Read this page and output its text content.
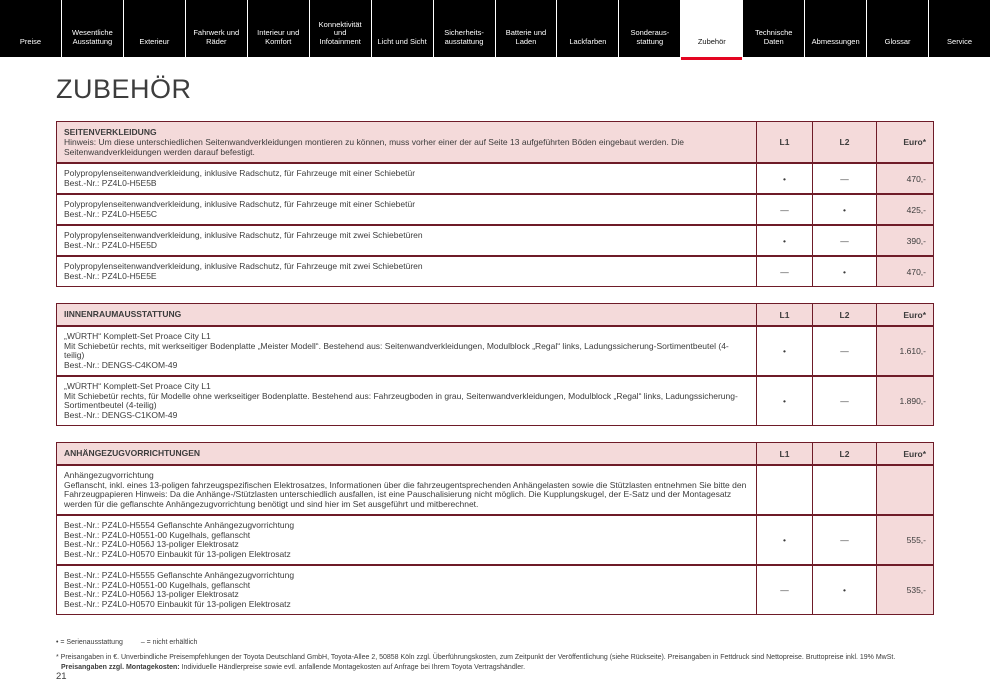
Preise
Wesentliche Ausstattung	Exterieur
Fahrwerk und Räder
Interieur und Komfort
Konnektivität und Infotainment	Licht und Sicht
Sicherheits-ausstattung
Batterie und Laden	Lackfarben
Sonderaus-stattung	Zubehör
Technische Daten	Abmessungen	Glossar	Service
ZUBEHÖR
SEITENVERKLEIDUNG
Hinweis: Um diese unterschiedlichen Seitenwandverkleidungen montieren zu können, muss vorher einer der auf Seite 13 aufgeführten Böden eingebaut werden. Die Seitenwandverkleidungen werden darauf befestigt.
L1	L2	Euro*
Polypropylenseitenwandverkleidung, inklusive Radschutz, für Fahrzeuge mit einer Schiebetür
Best.-Nr.: PZ4L0-H5E5B	•	—	470,-
Polypropylenseitenwandverkleidung, inklusive Radschutz, für Fahrzeuge mit einer Schiebetür
Best.-Nr.: PZ4L0-H5E5C	—	•	425,-
Polypropylenseitenwandverkleidung, inklusive Radschutz, für Fahrzeuge mit zwei Schiebetüren
Best.-Nr.: PZ4L0-H5E5D	•	—	390,-
Polypropylenseitenwandverkleidung, inklusive Radschutz, für Fahrzeuge mit zwei Schiebetüren
Best.-Nr.: PZ4L0-H5E5E	—	•	470,-
IINNENRAUMAUSSTATTUNG	L1	L2	Euro*
„WÜRTH“ Komplett-Set Proace City L1
Mit Schiebetür rechts, mit werkseitiger Bodenplatte „Meister Modell“. Bestehend aus: Seitenwandverkleidungen, Modulblock „Regal“ links, Ladungssicherung-Sortimentbeutel (4-teilig)
Best.-Nr.: DENGS-C4KOM-49
•	—	1.610,-
„WÜRTH“ Komplett-Set Proace City L1
Mit Schiebetür rechts, für Modelle ohne werkseitiger Bodenplatte. Bestehend aus: Fahrzeugboden in grau, Seitenwandverkleidungen, Modulblock „Regal“ links, Ladungssicherung-Sortimentbeutel (4-teilig)
Best.-Nr.: DENGS-C1KOM-49
•	—	1.890,-
ANHÄNGEZUGVORRICHTUNGEN	L1	L2	Euro*
Anhängezugvorrichtung
Geflanscht, inkl. eines 13-poligen fahrzeugspezifischen Elektrosatzes, Informationen über die fahrzeugentsprechenden Anhängelasten sowie die Stützlasten entnehmen Sie bitte den Fahrzeugpapieren Hinweis: Da die Anhänge-/Stützlasten unterschiedlich ausfallen, ist eine Pauschalisierung nicht möglich. Die Kupplungskugel, der E-Satz und der Montagesatz werden für die geflanschte Anhängezugvorrichtung benötigt und sind hier im Set ausgeführt und mitberechnet.
Best.-Nr.: PZ4L0-H5554 Geflanschte Anhängezugvorrichtung
Best.-Nr.: PZ4L0-H0551-00 Kugelhals, geflanscht
Best.-Nr.: PZ4L0-H056J 13-poliger Elektrosatz
Best.-Nr.: PZ4L0-H0570 Einbaukit für 13-poligen Elektrosatz
•	—	555,-
Best.-Nr.: PZ4L0-H5555 Geflanschte Anhängezugvorrichtung
Best.-Nr.: PZ4L0-H0551-00 Kugelhals, geflanscht
Best.-Nr.: PZ4L0-H056J 13-poliger Elektrosatz
Best.-Nr.: PZ4L0-H0570 Einbaukit für 13-poligen Elektrosatz
—	•	535,-
• = Serienausstattung	– = nicht erhältlich
* Preisangaben in €. Unverbindliche Preisempfehlungen der Toyota Deutschland GmbH, Toyota-Allee 2, 50858 Köln zzgl. Überführungskosten, zum Zeitpunkt der Veröffentlichung (siehe Rückseite). Preisangaben in Fettdruck sind Nettopreise. Bruttopreise inkl. 19% MwSt. Preisangaben zzgl. Montagekosten: Individuelle Händlerpreise sowie evtl. anfallende Montagekosten auf Anfrage bei Ihrem Toyota Vertragshändler.
21
